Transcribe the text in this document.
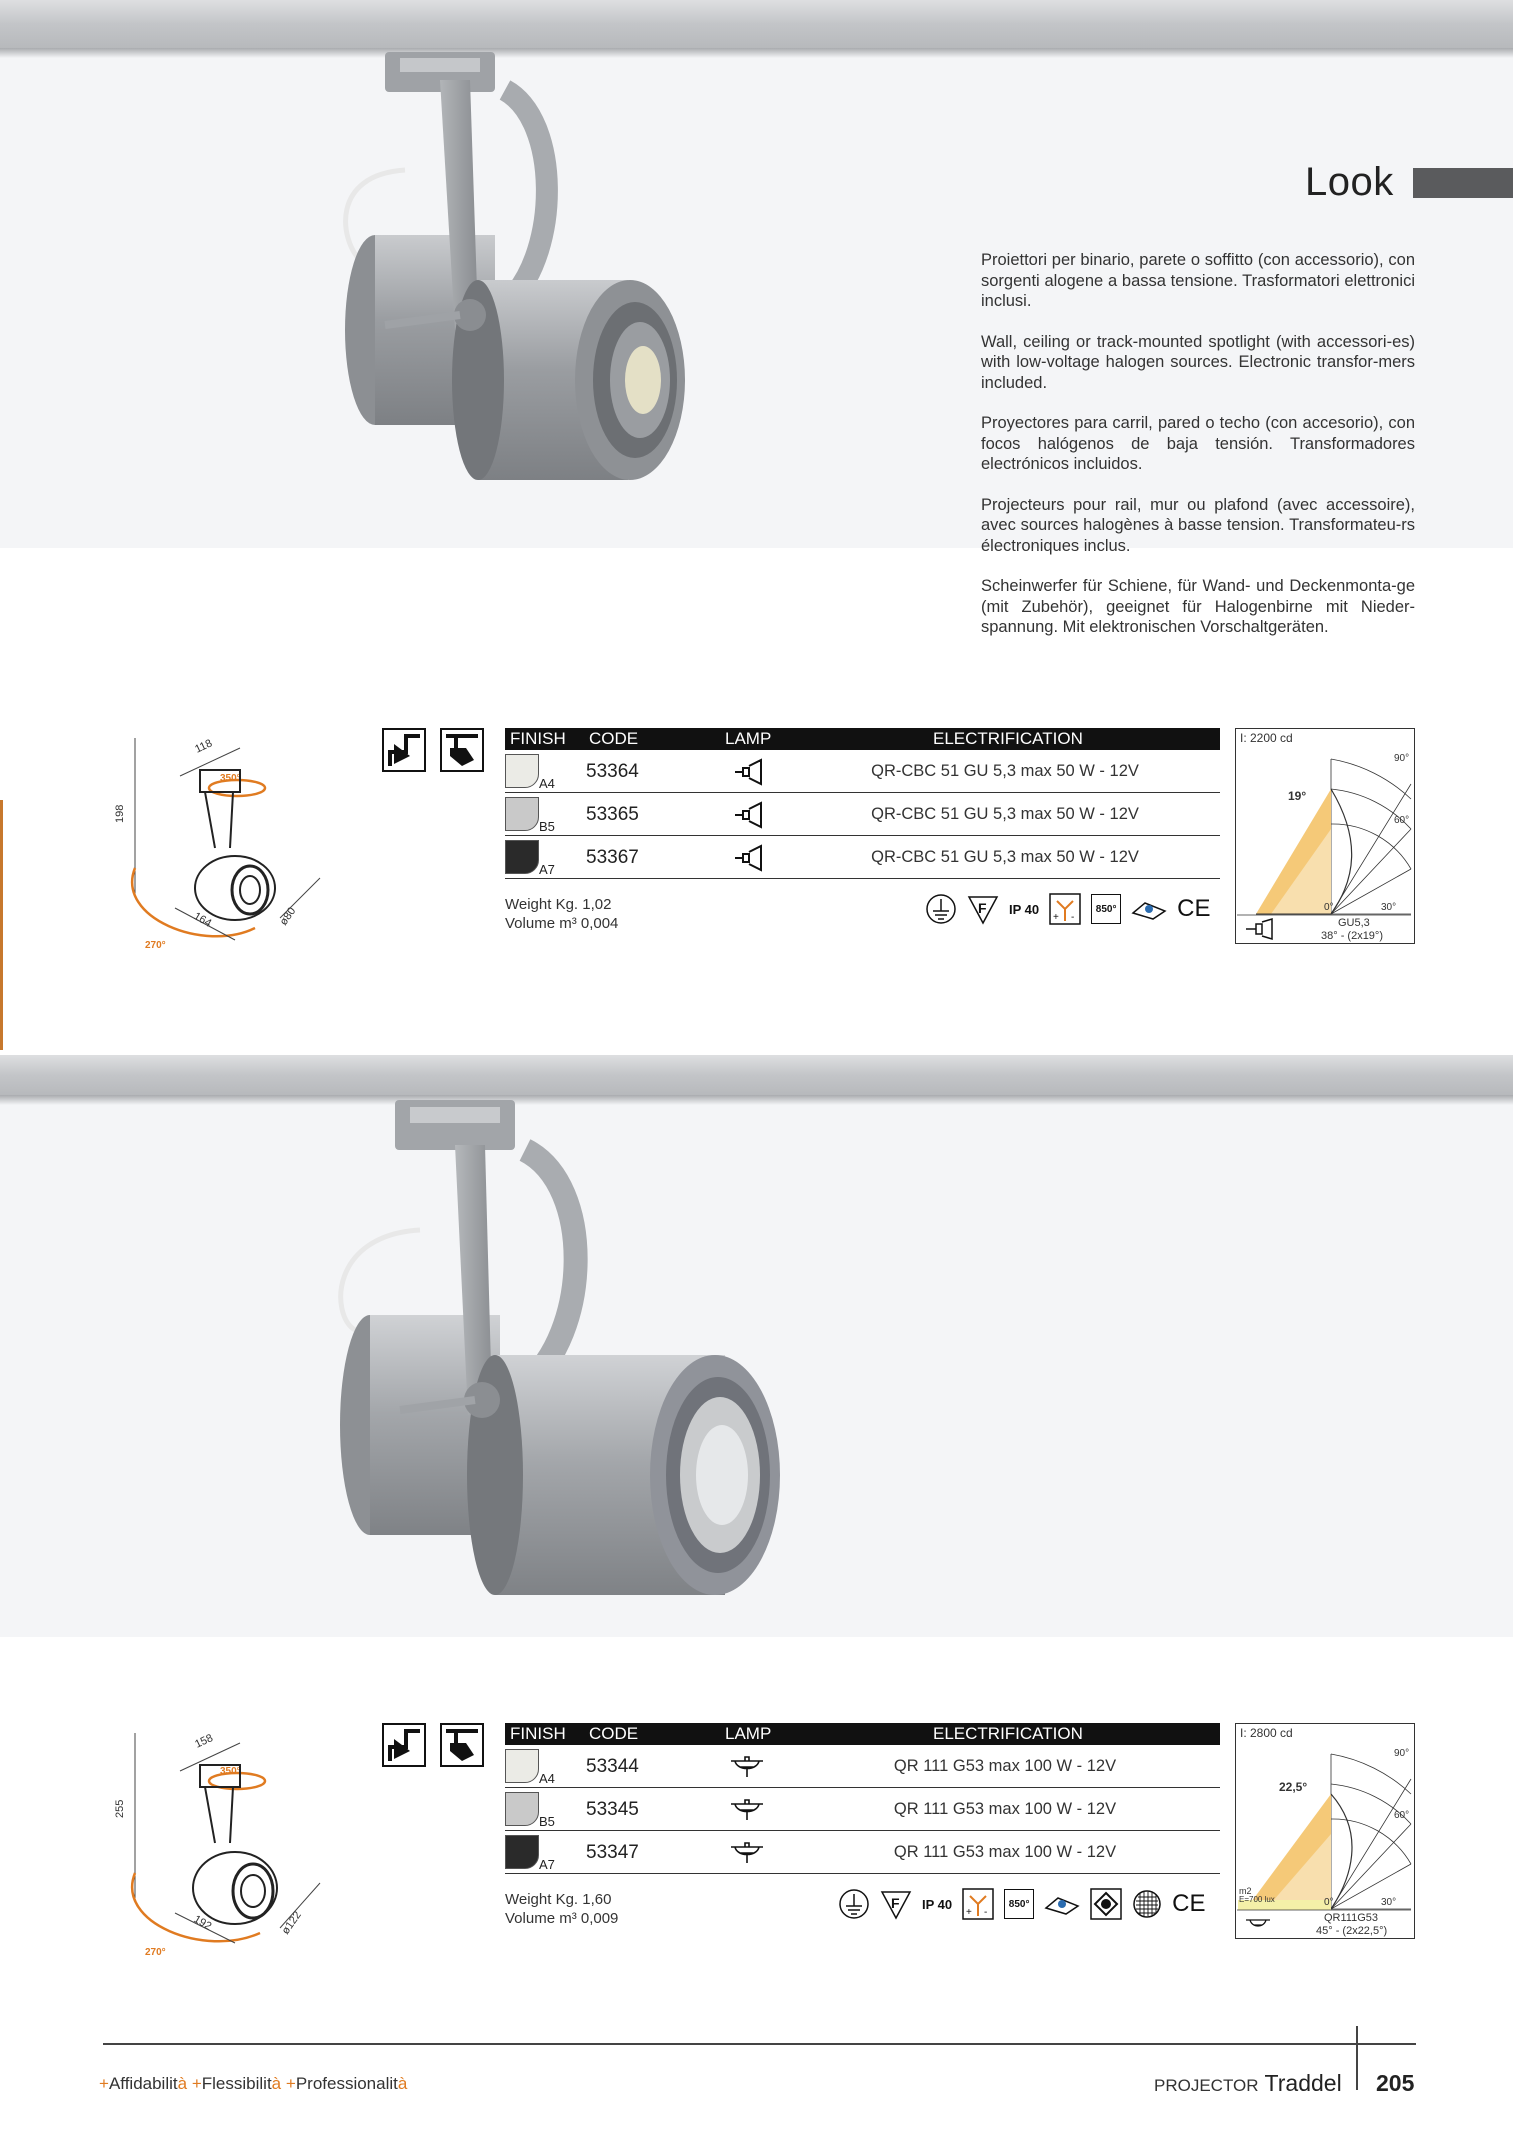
Look

Proiettori per binario, parete o soffitto (con accessorio), con sorgenti alogene a bassa tensione. Trasformatori elettronici inclusi.

Wall, ceiling or track-mounted spotlight (with accessori-es) with low-voltage halogen sources. Electronic transfor-mers included.

Proyectores para carril, pared o techo (con accesorio), con focos halógenos de baja tensión. Transformadores electrónicos incluidos.

Projecteurs pour rail, mur ou plafond (avec accessoire), avec sources halogènes à basse tension. Transformateu-rs électroniques inclus.

Scheinwerfer für Schiene, für Wand- und Deckenmonta-ge (mit Zubehör), geeignet für Halogenbirne mit Nieder-spannung. Mit elektronischen Vorschaltgeräten.

198
118
350°
270°
164	ø80
FINISH CODE	LAMP	ELECTRIFICATION
A4
53364	QR-CBC 51 GU 5,3 max 50 W - 12V
B5
53365	QR-CBC 51 GU 5,3 max 50 W - 12V
A7
53367	QR-CBC 51 GU 5,3 max 50 W - 12V
Weight Kg. 1,02
Volume m³ 0,004
F IP 40
+ -
850°	CE
I: 2200 cd
19°
90°
60°
30°
0°
GU5,3
38° - (2x19°)
255
158
350°
270°
192	ø122
FINISH CODE	LAMP	ELECTRIFICATION
A4
53344	QR 111 G53 max 100 W - 12V
B5
53345	QR 111 G53 max 100 W - 12V
A7
53347	QR 111 G53 max 100 W - 12V
Weight Kg. 1,60
Volume m³ 0,009
F IP 40
+ -
850°	CE
I: 2800 cd
22,5°
90°
60°
30°
0°
m2
E=700 lux
QR111G53
45° - (2x22,5°)
+Affidabilità +Flessibilità +Professionalità	PROJECTOR Traddel 205
